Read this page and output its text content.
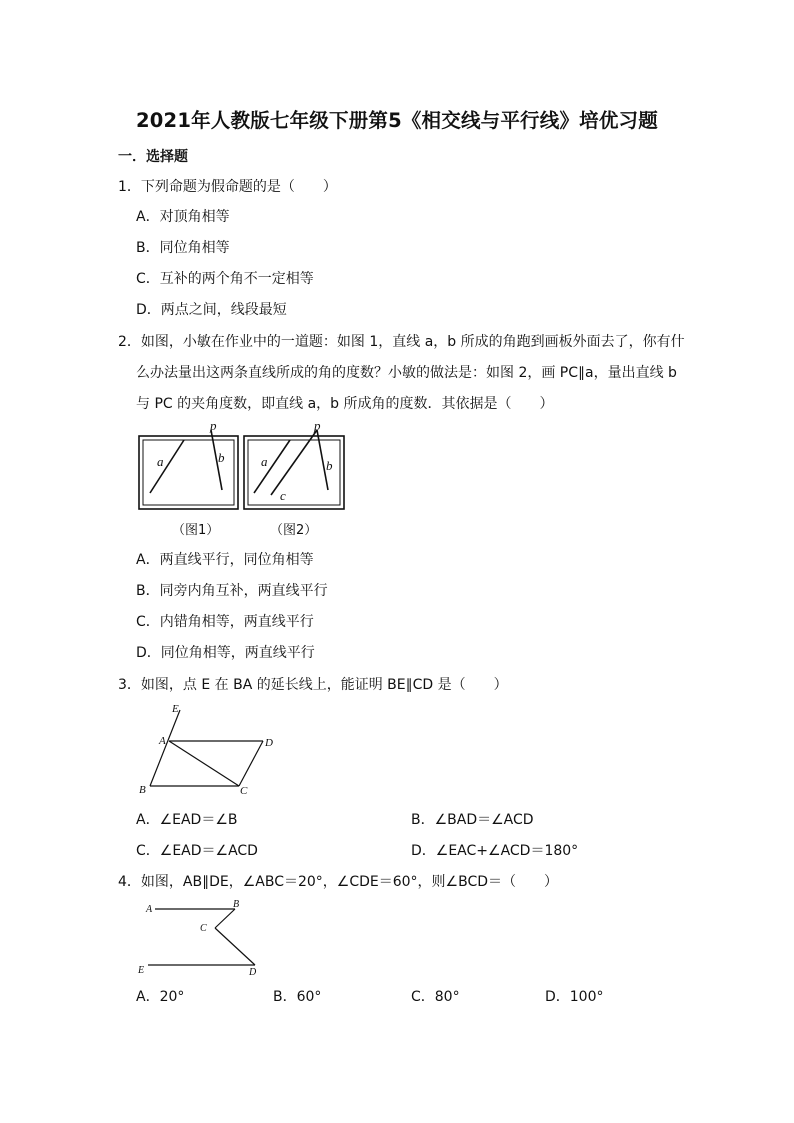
2021年人教版七年级下册第5《相交线与平行线》培优习题
一．选择题
1．下列命题为假命题的是（　　）
A．对顶角相等
B．同位角相等
C．互补的两个角不一定相等
D．两点之间，线段最短
2．如图，小敏在作业中的一道题：如图 1，直线 a，b 所成的角跑到画板外面去了，你有什
么办法量出这两条直线所成的角的度数？小敏的做法是：如图 2，画 PC∥a，量出直线 b
与 PC 的夹角度数，即直线 a，b 所成角的度数．其依据是（　　）
a	b
p
a	b
p
c
（图1）	（图2）
A．两直线平行，同位角相等
B．同旁内角互补，两直线平行
C．内错角相等，两直线平行
D．同位角相等，两直线平行
3．如图，点 E 在 BA 的延长线上，能证明 BE∥CD 是（　　）
E
A	D
B	C
A．∠EAD＝∠B	B．∠BAD＝∠ACD
C．∠EAD＝∠ACD	D．∠EAC+∠ACD＝180°
4．如图，AB∥DE，∠ABC＝20°，∠CDE＝60°，则∠BCD＝（　　）
A	B
C
E	D
A．20°	B．60°	C．80°	D．100°
